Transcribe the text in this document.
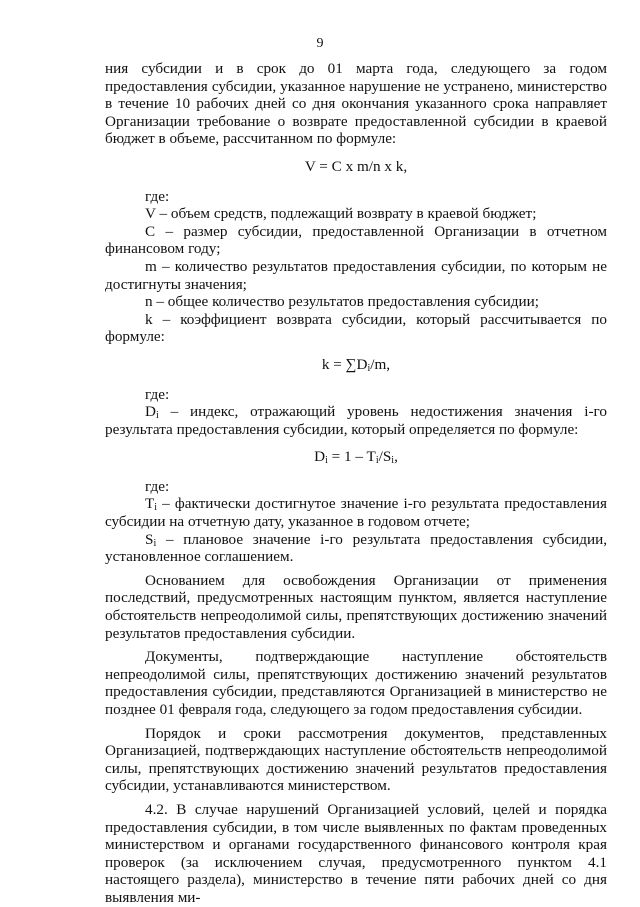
9

ния субсидии и в срок до 01 марта года, следующего за годом предоставления субсидии, указанное нарушение не устранено, министерство в течение 10 рабочих дней со дня окончания указанного срока направляет Организации требование о возврате предоставленной субсидии в краевой бюджет в объеме, рассчитанном по формуле:

V = C x m/n x k,

где:

V – объем средств, подлежащий возврату в краевой бюджет;

C – размер субсидии, предоставленной Организации в отчетном финансовом году;

m – количество результатов предоставления субсидии, по которым не достигнуты значения;

n – общее количество результатов предоставления субсидии;

k – коэффициент возврата субсидии, который рассчитывается по формуле:

$k = \sum D_i/m$,

где:

$D_i$ – индекс, отражающий уровень недостижения значения i-го результата предоставления субсидии, который определяется по формуле:

$D_i = 1 - T_i/S_i$,

где:

$T_i$ – фактически достигнутое значение i-го результата предоставления субсидии на отчетную дату, указанное в годовом отчете;

$S_i$ – плановое значение i-го результата предоставления субсидии, установленное соглашением.

Основанием для освобождения Организации от применения последствий, предусмотренных настоящим пунктом, является наступление обстоятельств непреодолимой силы, препятствующих достижению значений результатов предоставления субсидии.

Документы, подтверждающие наступление обстоятельств непреодолимой силы, препятствующих достижению значений результатов предоставления субсидии, представляются Организацией в министерство не позднее 01 февраля года, следующего за годом предоставления субсидии.

Порядок и сроки рассмотрения документов, представленных Организацией, подтверждающих наступление обстоятельств непреодолимой силы, препятствующих достижению значений результатов предоставления субсидии, устанавливаются министерством.

4.2. В случае нарушений Организацией условий, целей и порядка предоставления субсидии, в том числе выявленных по фактам проведенных министерством и органами государственного финансового контроля края проверок (за исключением случая, предусмотренного пунктом 4.1 настоящего раздела), министерство в течение пяти рабочих дней со дня выявления ми-
